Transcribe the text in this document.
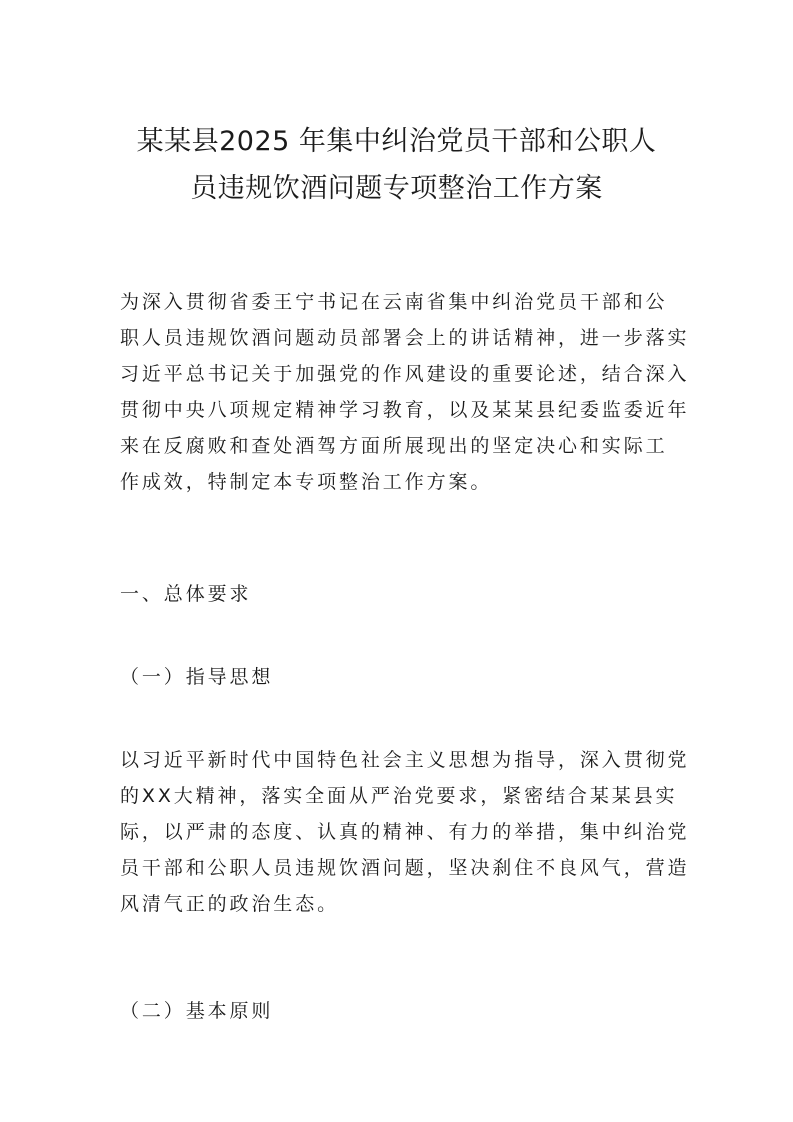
某某县2025 年集中纠治党员干部和公职人
员违规饮酒问题专项整治工作方案

为深入贯彻省委王宁书记在云南省集中纠治党员干部和公
职人员违规饮酒问题动员部署会上的讲话精神，进一步落实
习近平总书记关于加强党的作风建设的重要论述，结合深入
贯彻中央八项规定精神学习教育，以及某某县纪委监委近年
来在反腐败和查处酒驾方面所展现出的坚定决心和实际工
作成效，特制定本专项整治工作方案。

一、总体要求
（一）指导思想

以习近平新时代中国特色社会主义思想为指导，深入贯彻党
的XX大精神，落实全面从严治党要求，紧密结合某某县实
际，以严肃的态度、认真的精神、有力的举措，集中纠治党
员干部和公职人员违规饮酒问题，坚决刹住不良风气，营造
风清气正的政治生态。

（二）基本原则
